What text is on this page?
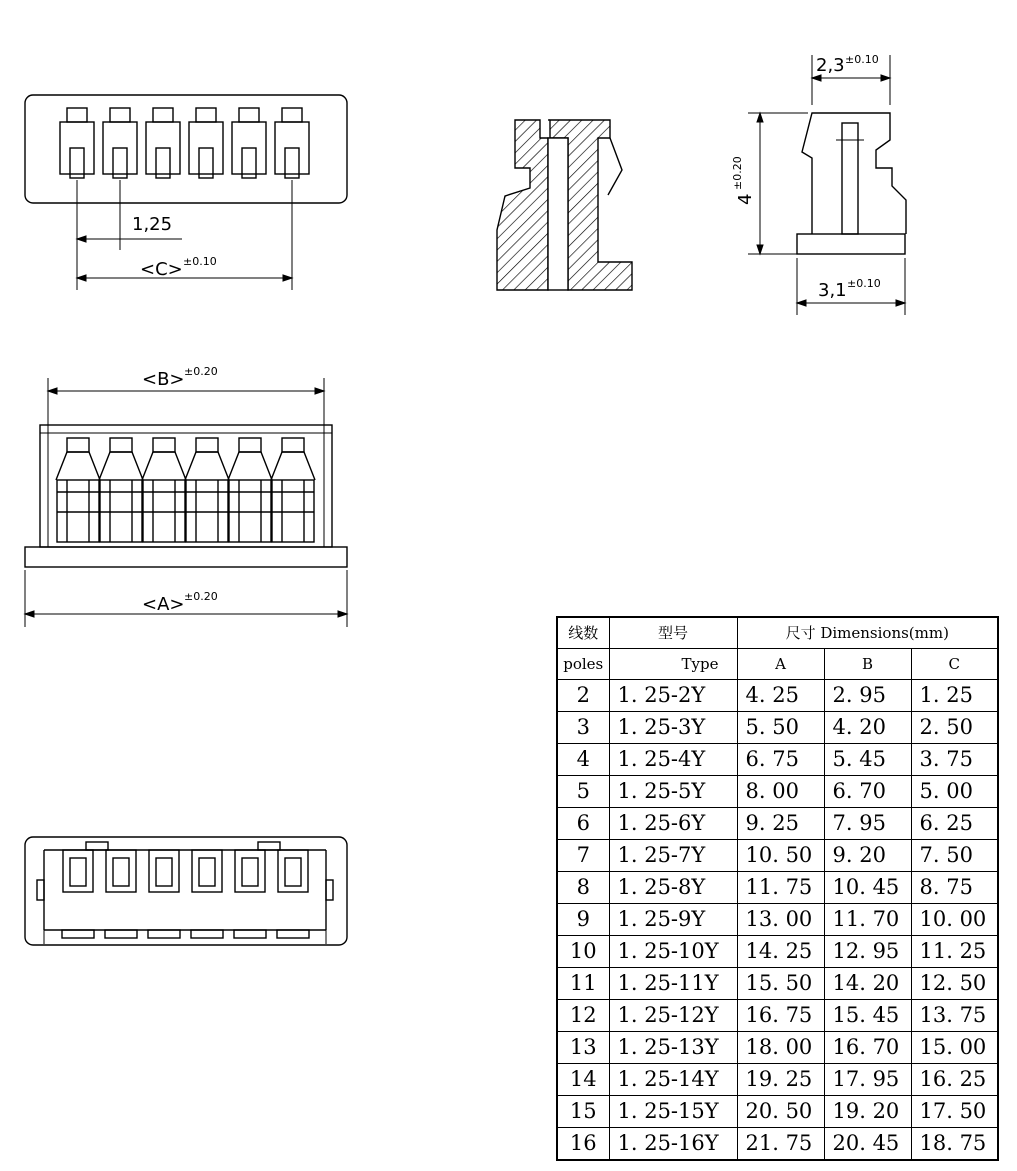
1,25
<C> ±0.10
2,3 ±0.10
3,1 ±0.10
4
±0.20
<B> ±0.20
<A> ±0.20
线数	型号	尺寸 Dimensions(mm)		
poles	Type	A	B	C
2	1. 25-2Y	4. 25	2. 95	1. 25
3	1. 25-3Y	5. 50	4. 20	2. 50
4	1. 25-4Y	6. 75	5. 45	3. 75
5	1. 25-5Y	8. 00	6. 70	5. 00
6	1. 25-6Y	9. 25	7. 95	6. 25
7	1. 25-7Y	10. 50	9. 20	7. 50
8	1. 25-8Y	11. 75	10. 45	8. 75
9	1. 25-9Y	13. 00	11. 70	10. 00
10	1. 25-10Y	14. 25	12. 95	11. 25
11	1. 25-11Y	15. 50	14. 20	12. 50
12	1. 25-12Y	16. 75	15. 45	13. 75
13	1. 25-13Y	18. 00	16. 70	15. 00
14	1. 25-14Y	19. 25	17. 95	16. 25
15	1. 25-15Y	20. 50	19. 20	17. 50
16	1. 25-16Y	21. 75	20. 45	18. 75
